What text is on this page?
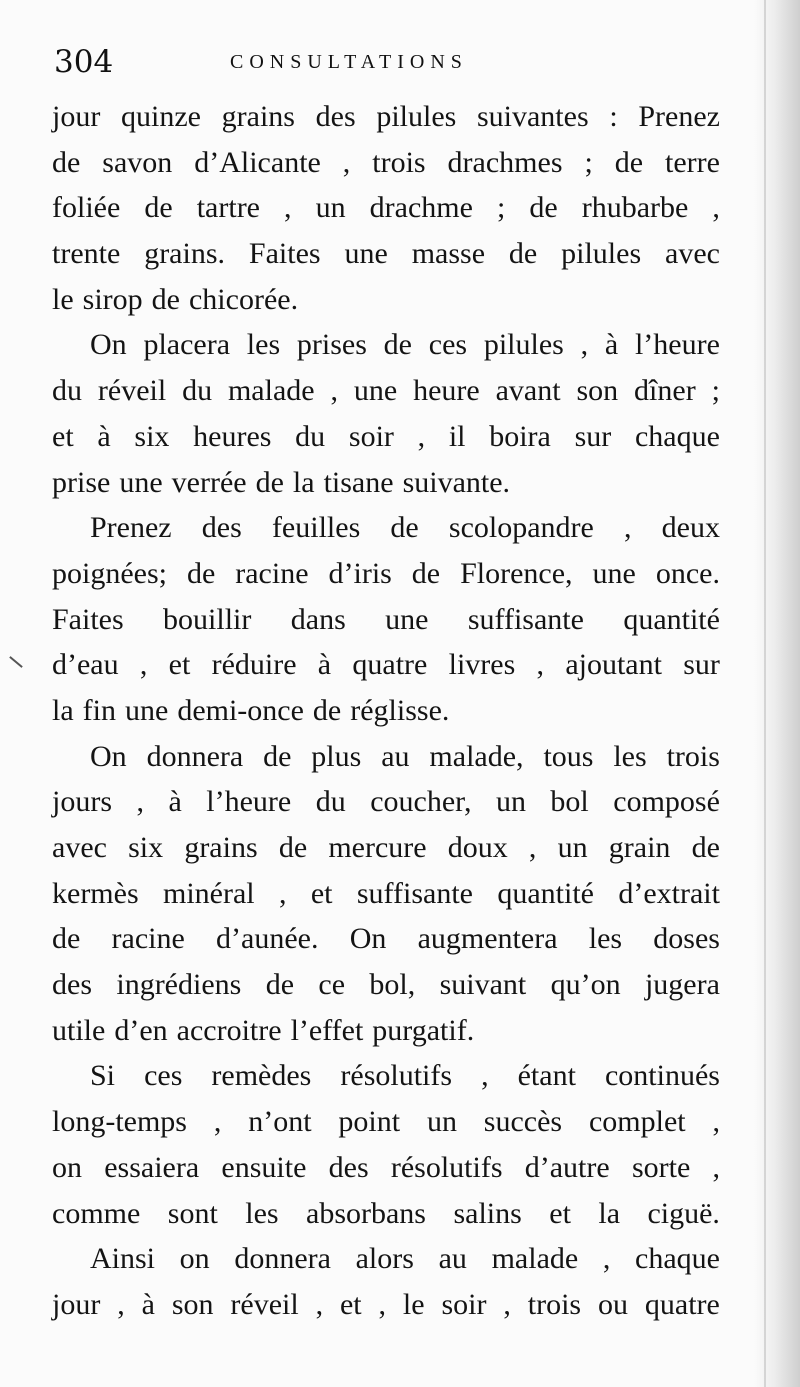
304	CONSULTATIONS
jour quinze grains des pilules suivantes : Prenez
de savon d’Alicante , trois drachmes ; de terre
foliée de tartre , un drachme ; de rhubarbe ,
trente grains. Faites une masse de pilules avec
le sirop de chicorée.
On placera les prises de ces pilules , à l’heure
du réveil du malade , une heure avant son dîner ;
et à six heures du soir , il boira sur chaque
prise une verrée de la tisane suivante.
Prenez des feuilles de scolopandre , deux
poignées; de racine d’iris de Florence, une once.
Faites bouillir dans une suffisante quantité
d’eau , et réduire à quatre livres , ajoutant sur
la fin une demi-once de réglisse.
On donnera de plus au malade, tous les trois
jours , à l’heure du coucher, un bol composé
avec six grains de mercure doux , un grain de
kermès minéral , et suffisante quantité d’extrait
de racine d’aunée. On augmentera les doses
des ingrédiens de ce bol, suivant qu’on jugera
utile d’en accroitre l’effet purgatif.
Si ces remèdes résolutifs , étant continués
long-temps , n’ont point un succès complet ,
on essaiera ensuite des résolutifs d’autre sorte ,
comme sont les absorbans salins et la ciguë.
Ainsi on donnera alors au malade , chaque
jour , à son réveil , et , le soir , trois ou quatre
